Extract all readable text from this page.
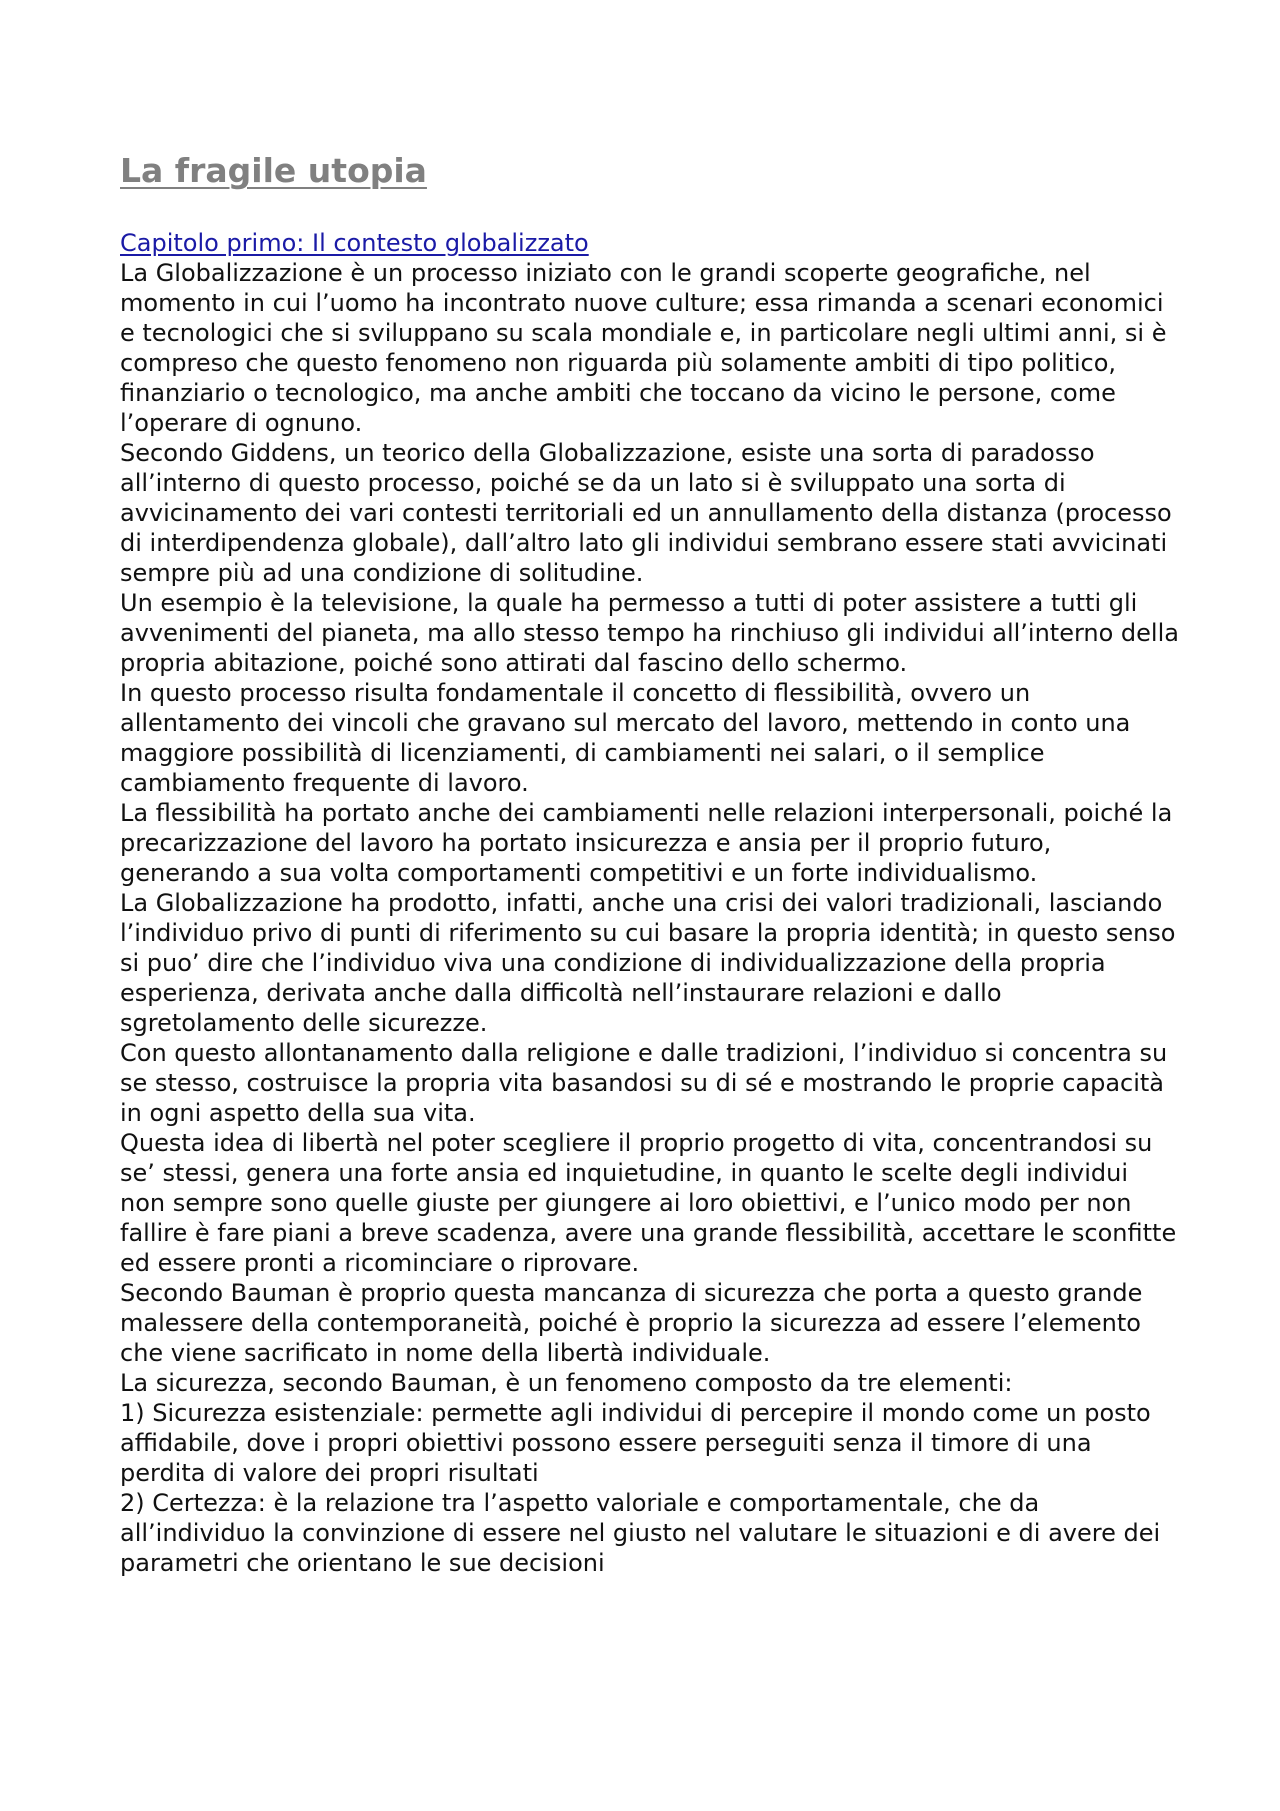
La fragile utopia
Capitolo primo: Il contesto globalizzato

La Globalizzazione è un processo iniziato con le grandi scoperte geografiche, nel momento in cui l’uomo ha incontrato nuove culture; essa rimanda a scenari economici e tecnologici che si sviluppano su scala mondiale e, in particolare negli ultimi anni, si è compreso che questo fenomeno non riguarda più solamente ambiti di tipo politico, finanziario o tecnologico, ma anche ambiti che toccano da vicino le persone, come l’operare di ognuno.

Secondo Giddens, un teorico della Globalizzazione, esiste una sorta di paradosso all’interno di questo processo, poiché se da un lato si è sviluppato una sorta di avvicinamento dei vari contesti territoriali ed un annullamento della distanza (processo di interdipendenza globale), dall’altro lato gli individui sembrano essere stati avvicinati sempre più ad una condizione di solitudine.

Un esempio è la televisione, la quale ha permesso a tutti di poter assistere a tutti gli avvenimenti del pianeta, ma allo stesso tempo ha rinchiuso gli individui all’interno della propria abitazione, poiché sono attirati dal fascino dello schermo.

In questo processo risulta fondamentale il concetto di flessibilità, ovvero un allentamento dei vincoli che gravano sul mercato del lavoro, mettendo in conto una maggiore possibilità di licenziamenti, di cambiamenti nei salari, o il semplice cambiamento frequente di lavoro.

La flessibilità ha portato anche dei cambiamenti nelle relazioni interpersonali, poiché la precarizzazione del lavoro ha portato insicurezza e ansia per il proprio futuro, generando a sua volta comportamenti competitivi e un forte individualismo.

La Globalizzazione ha prodotto, infatti, anche una crisi dei valori tradizionali, lasciando l’individuo privo di punti di riferimento su cui basare la propria identità; in questo senso si puo’ dire che l’individuo viva una condizione di individualizzazione della propria esperienza, derivata anche dalla difficoltà nell’instaurare relazioni e dallo sgretolamento delle sicurezze.

Con questo allontanamento dalla religione e dalle tradizioni, l’individuo si concentra su se stesso, costruisce la propria vita basandosi su di sé e mostrando le proprie capacità in ogni aspetto della sua vita.

Questa idea di libertà nel poter scegliere il proprio progetto di vita, concentrandosi su se’ stessi, genera una forte ansia ed inquietudine, in quanto le scelte degli individui non sempre sono quelle giuste per giungere ai loro obiettivi, e l’unico modo per non fallire è fare piani a breve scadenza, avere una grande flessibilità, accettare le sconfitte ed essere pronti a ricominciare o riprovare.

Secondo Bauman è proprio questa mancanza di sicurezza che porta a questo grande malessere della contemporaneità, poiché è proprio la sicurezza ad essere l’elemento che viene sacrificato in nome della libertà individuale.

La sicurezza, secondo Bauman, è un fenomeno composto da tre elementi:

1) Sicurezza esistenziale: permette agli individui di percepire il mondo come un posto affidabile, dove i propri obiettivi possono essere perseguiti senza il timore di una perdita di valore dei propri risultati

2) Certezza: è la relazione tra l’aspetto valoriale e comportamentale, che da all’individuo la convinzione di essere nel giusto nel valutare le situazioni e di avere dei parametri che orientano le sue decisioni
